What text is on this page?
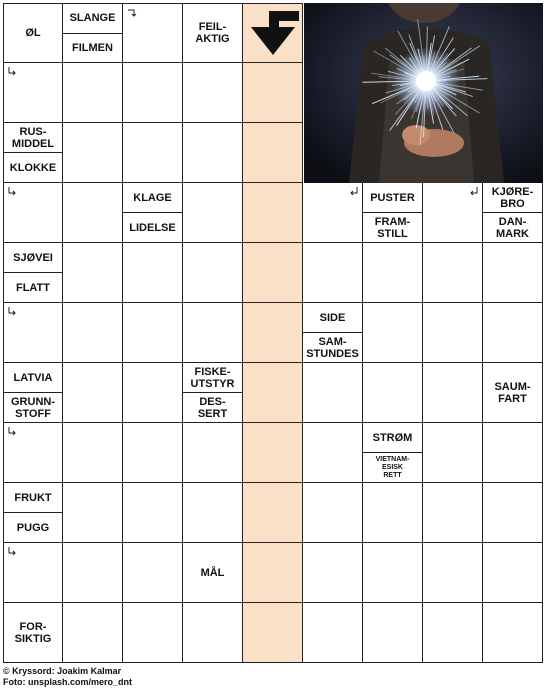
ØL
SLANGE
FILMEN
FEIL-
AKTIG
RUS-
MIDDEL
KLOKKE
KLAGE
LIDELSE
PUSTER
FRAM-
STILL
KJØRE-
BRO
DAN-
MARK
SJØVEI
FLATT
SIDE
SAM-
STUNDES
LATVIA
GRUNN-
STOFF
FISKE-
UTSTYR
DES-
SERT
SAUM-
FART
STRØM
VIETNAM-
ESISK
RETT
FRUKT
PUGG
MÅL
FOR-
SIKTIG
© Kryssord: Joakim Kalmar
Foto: unsplash.com/mero_dnt
